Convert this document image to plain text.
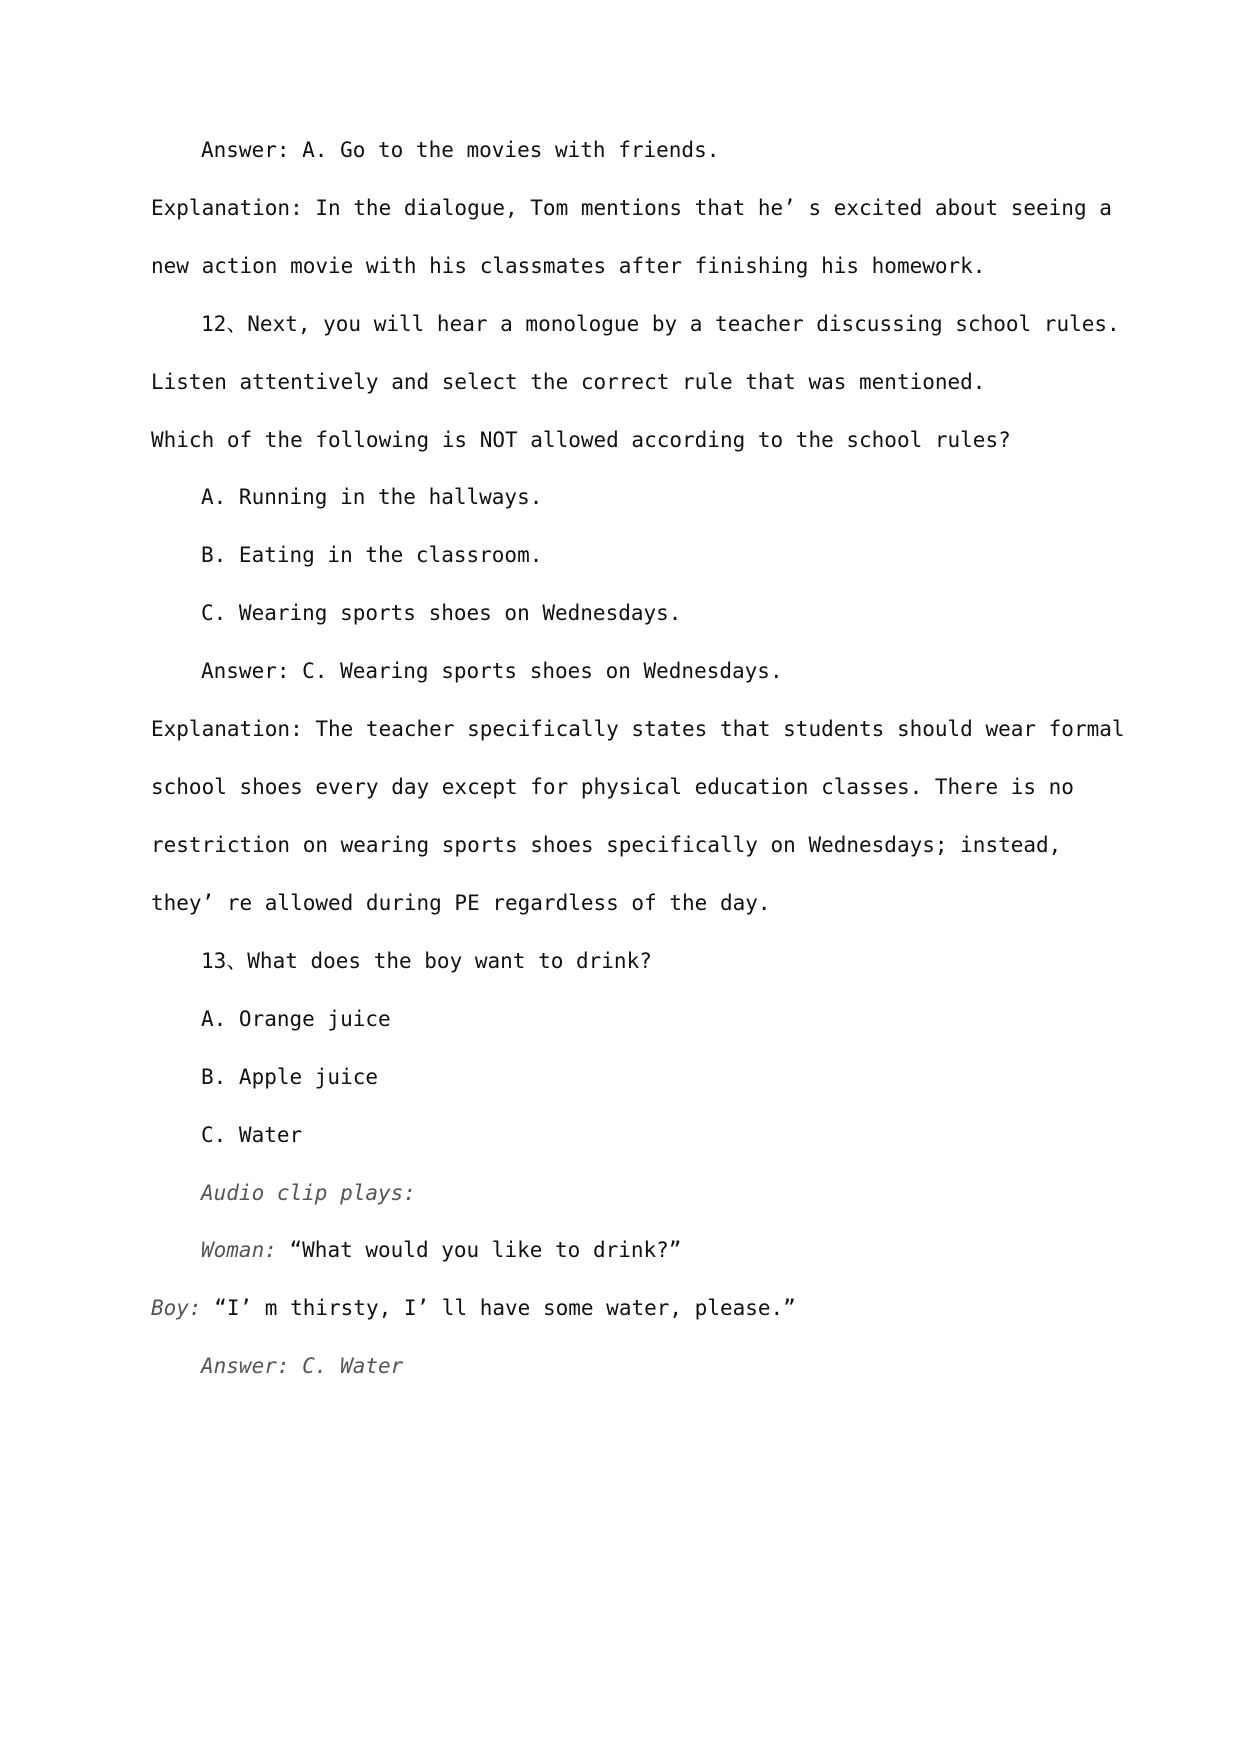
Answer: A. Go to the movies with friends.
Explanation: In the dialogue, Tom mentions that he’ s excited about seeing a
new action movie with his classmates after finishing his homework.
12、Next, you will hear a monologue by a teacher discussing school rules.
Listen attentively and select the correct rule that was mentioned.
Which of the following is NOT allowed according to the school rules?
A. Running in the hallways.
B. Eating in the classroom.
C. Wearing sports shoes on Wednesdays.
Answer: C. Wearing sports shoes on Wednesdays.
Explanation: The teacher specifically states that students should wear formal
school shoes every day except for physical education classes. There is no
restriction on wearing sports shoes specifically on Wednesdays; instead,
they’ re allowed during PE regardless of the day.
13、What does the boy want to drink?
A. Orange juice
B. Apple juice
C. Water
Audio clip plays:
Woman: “What would you like to drink?”
Boy: “I’ m thirsty, I’ ll have some water, please.”
Answer: C. Water
